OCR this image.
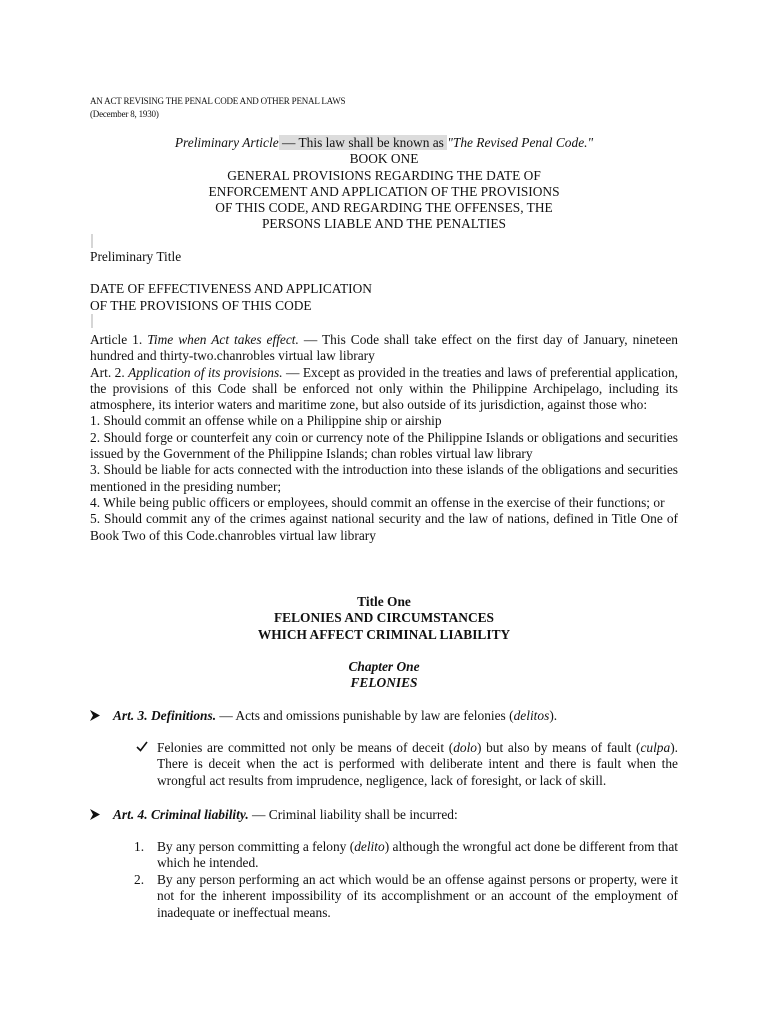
AN ACT REVISING THE PENAL CODE AND OTHER PENAL LAWS
(December 8, 1930)
Preliminary Article — This law shall be known as "The Revised Penal Code."
BOOK ONE
GENERAL PROVISIONS REGARDING THE DATE OF
ENFORCEMENT AND APPLICATION OF THE PROVISIONS
OF THIS CODE, AND REGARDING THE OFFENSES, THE
PERSONS LIABLE AND THE PENALTIES
Preliminary Title
DATE OF EFFECTIVENESS AND APPLICATION
OF THE PROVISIONS OF THIS CODE
Article 1. Time when Act takes effect. — This Code shall take effect on the first day of January, nineteen hundred and thirty-two.chanrobles virtual law library
Art. 2. Application of its provisions. — Except as provided in the treaties and laws of preferential application, the provisions of this Code shall be enforced not only within the Philippine Archipelago, including its atmosphere, its interior waters and maritime zone, but also outside of its jurisdiction, against those who:
1. Should commit an offense while on a Philippine ship or airship
2. Should forge or counterfeit any coin or currency note of the Philippine Islands or obligations and securities issued by the Government of the Philippine Islands; chan robles virtual law library
3. Should be liable for acts connected with the introduction into these islands of the obligations and securities mentioned in the presiding number;
4. While being public officers or employees, should commit an offense in the exercise of their functions; or
5. Should commit any of the crimes against national security and the law of nations, defined in Title One of Book Two of this Code.chanrobles virtual law library
Title One
FELONIES AND CIRCUMSTANCES
WHICH AFFECT CRIMINAL LIABILITY
Chapter One
FELONIES
Art. 3. Definitions. — Acts and omissions punishable by law are felonies (delitos).
Felonies are committed not only be means of deceit (dolo) but also by means of fault (culpa). There is deceit when the act is performed with deliberate intent and there is fault when the wrongful act results from imprudence, negligence, lack of foresight, or lack of skill.
Art. 4. Criminal liability. — Criminal liability shall be incurred:
1. By any person committing a felony (delito) although the wrongful act done be different from that which he intended.
2. By any person performing an act which would be an offense against persons or property, were it not for the inherent impossibility of its accomplishment or an account of the employment of inadequate or ineffectual means.
